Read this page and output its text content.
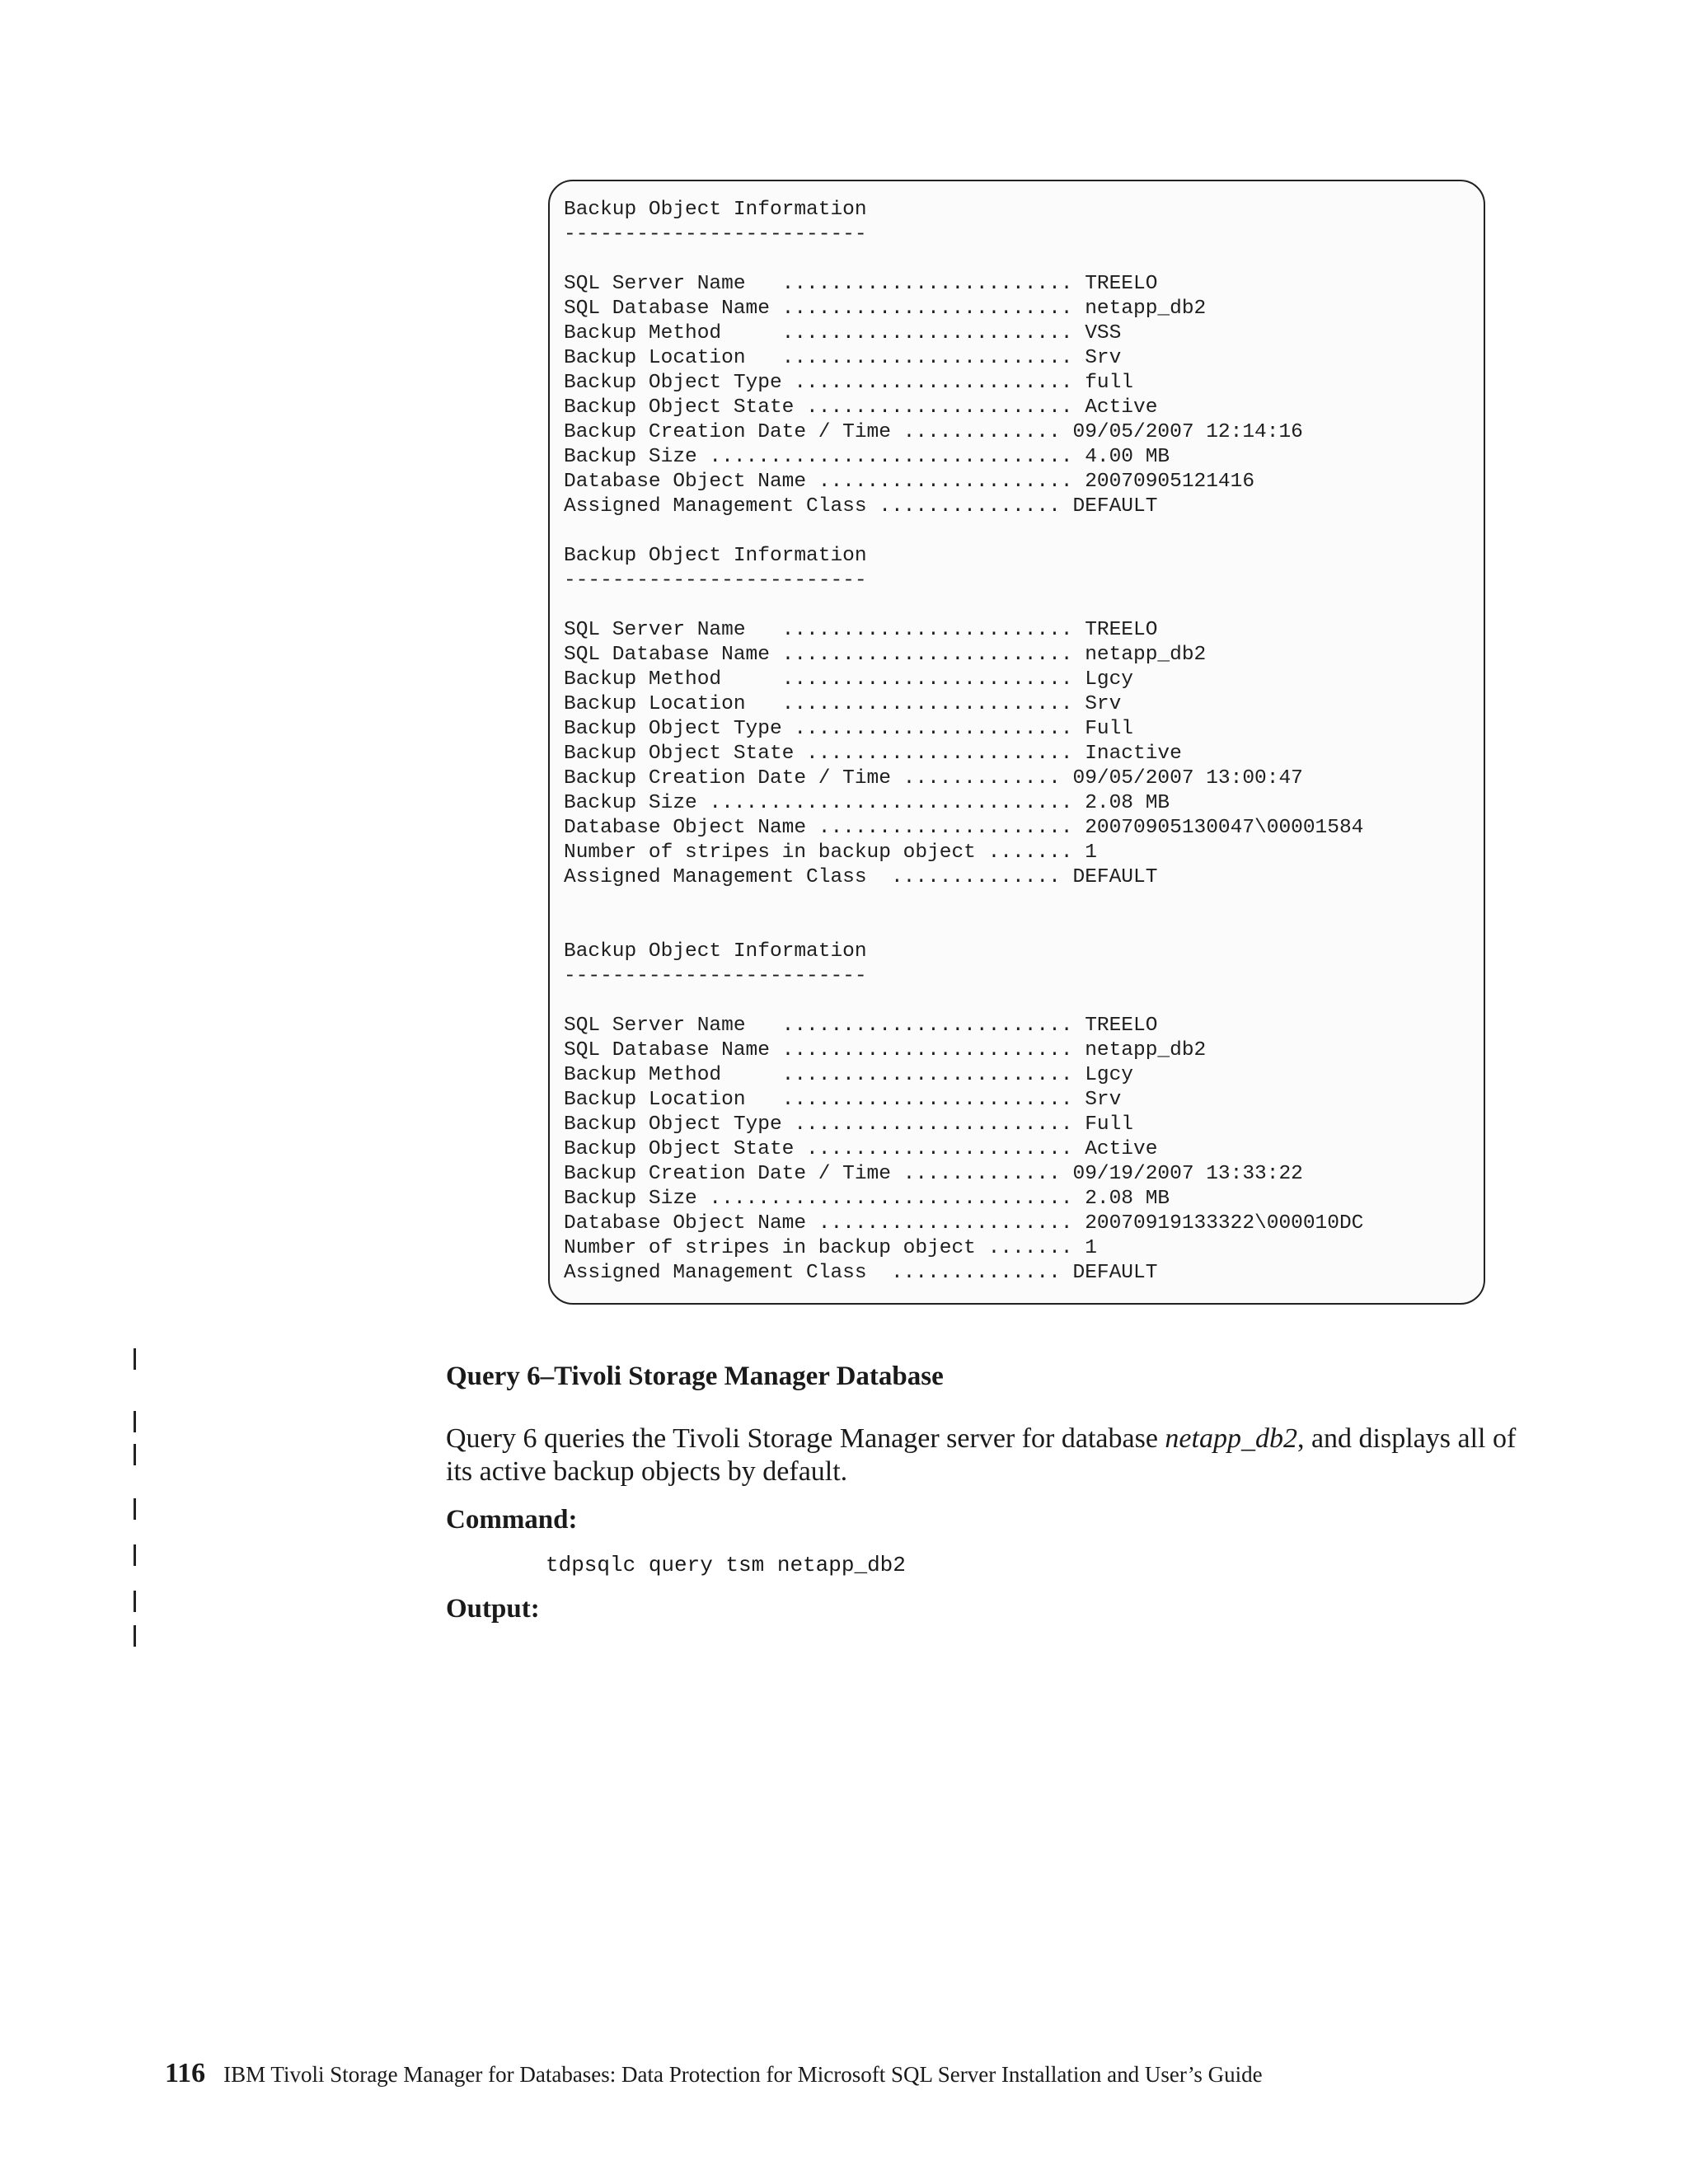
Backup Object Information
-------------------------

SQL Server Name   ........................ TREELO
SQL Database Name ........................ netapp_db2
Backup Method     ........................ VSS
Backup Location   ........................ Srv
Backup Object Type ....................... full
Backup Object State ...................... Active
Backup Creation Date / Time ............. 09/05/2007 12:14:16
Backup Size .............................. 4.00 MB
Database Object Name ..................... 20070905121416
Assigned Management Class ............... DEFAULT

Backup Object Information
-------------------------

SQL Server Name   ........................ TREELO
SQL Database Name ........................ netapp_db2
Backup Method     ........................ Lgcy
Backup Location   ........................ Srv
Backup Object Type ....................... Full
Backup Object State ...................... Inactive
Backup Creation Date / Time ............. 09/05/2007 13:00:47
Backup Size .............................. 2.08 MB
Database Object Name ..................... 20070905130047\00001584
Number of stripes in backup object ....... 1
Assigned Management Class  .............. DEFAULT

Backup Object Information
-------------------------

SQL Server Name   ........................ TREELO
SQL Database Name ........................ netapp_db2
Backup Method     ........................ Lgcy
Backup Location   ........................ Srv
Backup Object Type ....................... Full
Backup Object State ...................... Active
Backup Creation Date / Time ............. 09/19/2007 13:33:22
Backup Size .............................. 2.08 MB
Database Object Name ..................... 20070919133322\000010DC
Number of stripes in backup object ....... 1
Assigned Management Class  .............. DEFAULT
Query 6–Tivoli Storage Manager Database

Query 6 queries the Tivoli Storage Manager server for database netapp_db2, and displays all of its active backup objects by default.

Command:
tdpsqlc query tsm netapp_db2
Output:
116 IBM Tivoli Storage Manager for Databases: Data Protection for Microsoft SQL Server Installation and User’s Guide
